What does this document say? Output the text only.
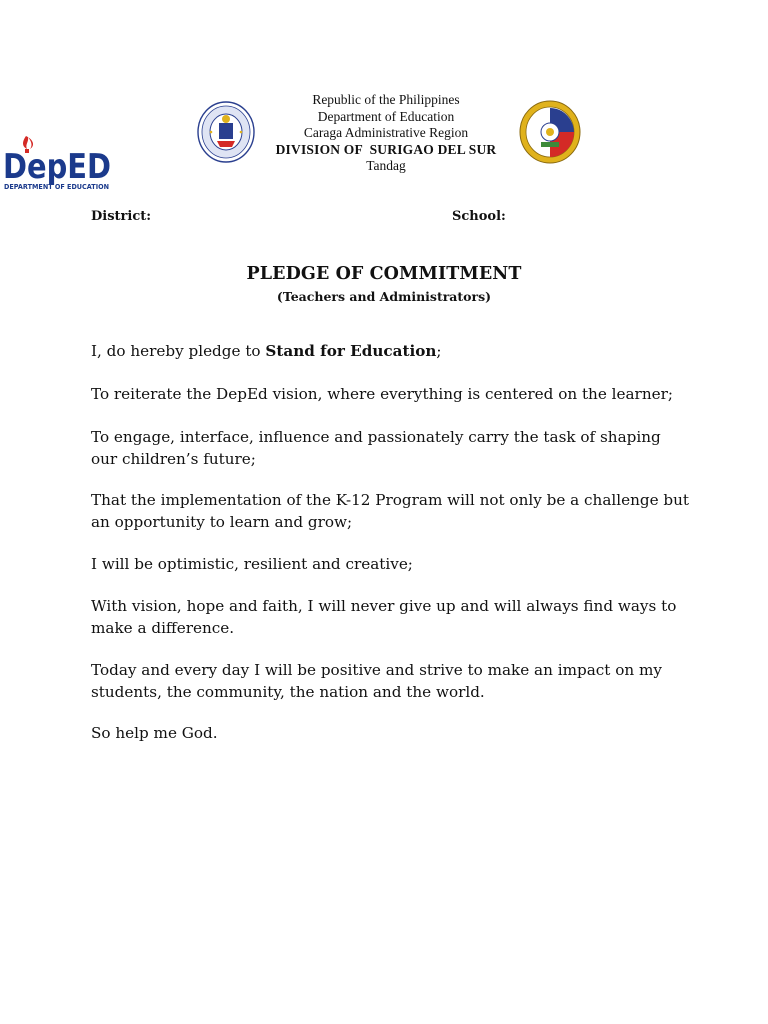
DepED
DEPARTMENT OF EDUCATION
Republic of the Philippines
Department of Education
Caraga Administrative Region
DIVISION OF  SURIGAO DEL SUR
Tandag
District:	School:
PLEDGE OF COMMITMENT
(Teachers and Administrators)
I, do hereby pledge to Stand for Education;
To reiterate the DepEd vision, where everything is centered on the learner;
To engage, interface, influence and passionately carry the task of shaping our children’s future;
That the implementation of the K-12 Program will not only be a challenge but an opportunity to learn and grow;
I will be optimistic, resilient and creative;
With vision, hope and faith, I will never give up and will always find ways to make a difference.
Today and every day I will be positive and strive to make an impact on my students, the community, the nation and the world.
So help me God.
